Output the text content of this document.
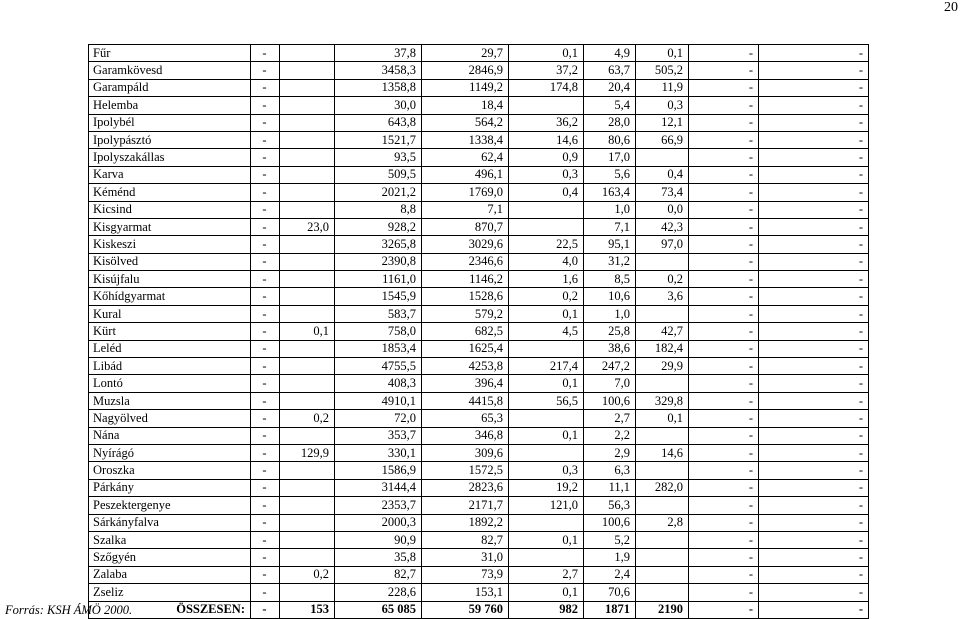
20
Fűr	-		37,8	29,7	0,1	4,9	0,1	-	-
Garamkövesd	-		3458,3	2846,9	37,2	63,7	505,2	-	-
Garampáld	-		1358,8	1149,2	174,8	20,4	11,9	-	-
Helemba	-		30,0	18,4		5,4	0,3	-	-
Ipolybél	-		643,8	564,2	36,2	28,0	12,1	-	-
Ipolypásztó	-		1521,7	1338,4	14,6	80,6	66,9	-	-
Ipolyszakállas	-		93,5	62,4	0,9	17,0		-	-
Karva	-		509,5	496,1	0,3	5,6	0,4	-	-
Kéménd	-		2021,2	1769,0	0,4	163,4	73,4	-	-
Kicsind	-		8,8	7,1		1,0	0,0	-	-
Kisgyarmat	-	23,0	928,2	870,7		7,1	42,3	-	-
Kiskeszi	-		3265,8	3029,6	22,5	95,1	97,0	-	-
Kisölved	-		2390,8	2346,6	4,0	31,2		-	-
Kisújfalu	-		1161,0	1146,2	1,6	8,5	0,2	-	-
Kőhídgyarmat	-		1545,9	1528,6	0,2	10,6	3,6	-	-
Kural	-		583,7	579,2	0,1	1,0		-	-
Kürt	-	0,1	758,0	682,5	4,5	25,8	42,7	-	-
Leléd	-		1853,4	1625,4		38,6	182,4	-	-
Libád	-		4755,5	4253,8	217,4	247,2	29,9	-	-
Lontó	-		408,3	396,4	0,1	7,0		-	-
Muzsla	-		4910,1	4415,8	56,5	100,6	329,8	-	-
Nagyölved	-	0,2	72,0	65,3		2,7	0,1	-	-
Nána	-		353,7	346,8	0,1	2,2		-	-
Nyírágó	-	129,9	330,1	309,6		2,9	14,6	-	-
Oroszka	-		1586,9	1572,5	0,3	6,3		-	-
Párkány	-		3144,4	2823,6	19,2	11,1	282,0	-	-
Peszektergenye	-		2353,7	2171,7	121,0	56,3		-	-
Sárkányfalva	-		2000,3	1892,2		100,6	2,8	-	-
Szalka	-		90,9	82,7	0,1	5,2		-	-
Szőgyén	-		35,8	31,0		1,9		-	-
Zalaba	-	0,2	82,7	73,9	2,7	2,4		-	-
Zseliz	-		228,6	153,1	0,1	70,6		-	-
ÖSSZESEN:	-	153	65 085	59 760	982	1871	2190	-	-
Forrás: KSH ÁMÖ 2000.
